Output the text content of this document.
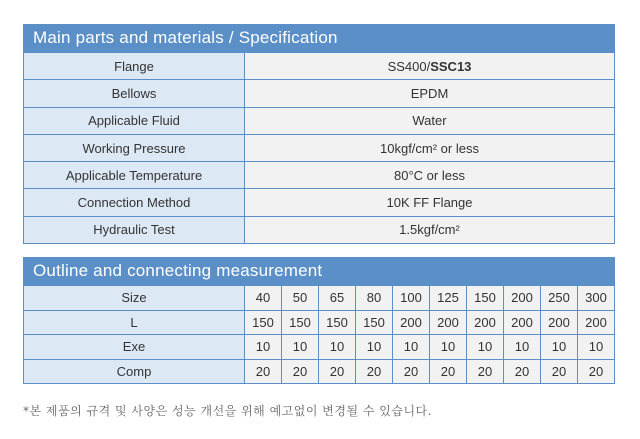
Main parts and materials / Specification
Flange	SS400/SSC13
Bellows	EPDM
Applicable Fluid	Water
Working Pressure	10kgf/cm² or less
Applicable Temperature	80°C or less
Connection Method	10K FF Flange
Hydraulic Test	1.5kgf/cm²
Outline and connecting measurement
Size	40	50	65	80	100	125	150	200	250	300
L	150	150	150	150	200	200	200	200	200	200
Exe	10	10	10	10	10	10	10	10	10	10
Comp	20	20	20	20	20	20	20	20	20	20
*본 제품의 규격 및 사양은 성능 개선을 위해 예고없이 변경될 수 있습니다.
